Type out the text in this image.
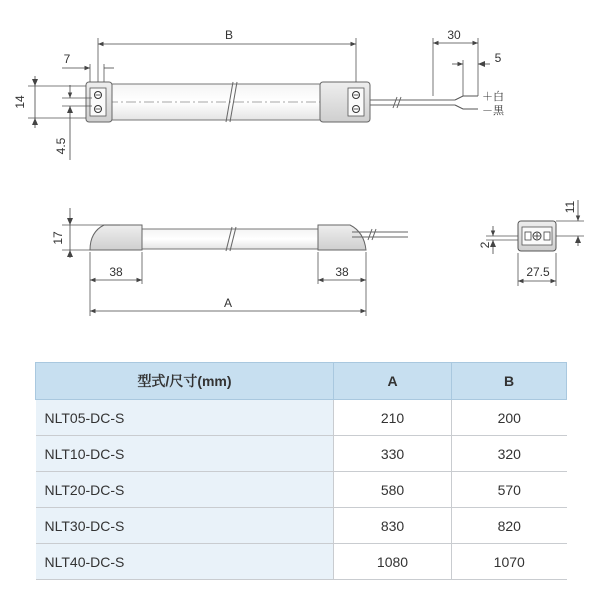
＋白
－黒
B
7
14
4.5
30
5
17
38	38
A
11
2
27.5
型式/尺寸(mm)	A	B
NLT05-DC-S	210	200
NLT10-DC-S	330	320
NLT20-DC-S	580	570
NLT30-DC-S	830	820
NLT40-DC-S	1080	1070
